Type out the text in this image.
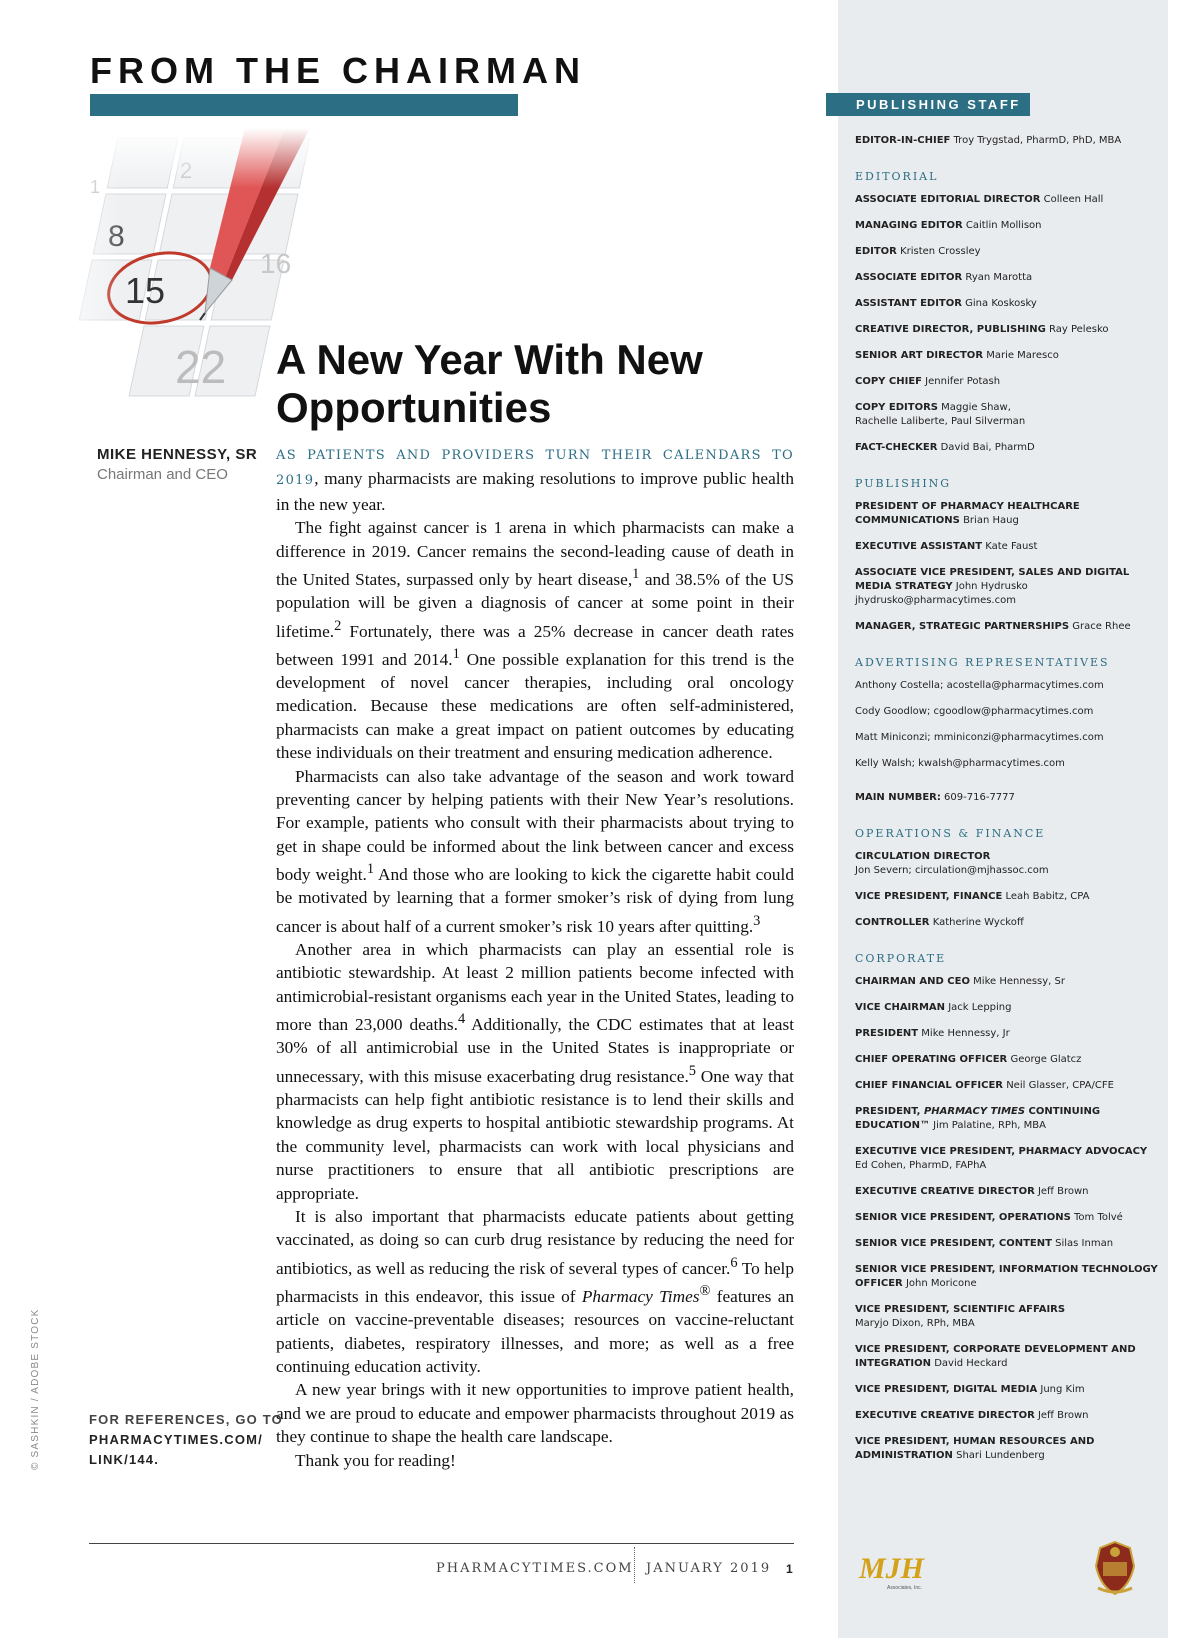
FROM THE CHAIRMAN
A New Year With New
Opportunities
MIKE HENNESSY, SR
Chairman and CEO

AS PATIENTS AND PROVIDERS TURN THEIR CALENDARS TO 2019, many pharmacists are making resolutions to improve public health in the new year.

The fight against cancer is 1 arena in which pharmacists can make a difference in 2019. Cancer remains the second-leading cause of death in the United States, surpassed only by heart disease,$^1$ and 38.5% of the US population will be given a diagnosis of cancer at some point in their lifetime.$^2$ Fortunately, there was a 25% decrease in cancer death rates between 1991 and 2014.$^1$ One possible explanation for this trend is the development of novel cancer therapies, including oral oncology medication. Because these medications are often self-administered, pharmacists can make a great impact on patient outcomes by educating these individuals on their treatment and ensuring medication adherence.

Pharmacists can also take advantage of the season and work toward preventing cancer by helping patients with their New Year’s resolutions. For example, patients who consult with their pharmacists about trying to get in shape could be informed about the link between cancer and excess body weight.$^1$ And those who are looking to kick the cigarette habit could be motivated by learning that a former smoker’s risk of dying from lung cancer is about half of a current smoker’s risk 10 years after quitting.$^3$

Another area in which pharmacists can play an essential role is antibiotic stewardship. At least 2 million patients become infected with antimicrobial-resistant organisms each year in the United States, leading to more than 23,000 deaths.$^4$ Additionally, the CDC estimates that at least 30% of all antimicrobial use in the United States is inappropriate or unnecessary, with this misuse exacerbating drug resistance.$^5$ One way that pharmacists can help fight antibiotic resistance is to lend their skills and knowledge as drug experts to hospital antibiotic stewardship programs. At the community level, pharmacists can work with local physicians and nurse practitioners to ensure that all antibiotic prescriptions are appropriate.

It is also important that pharmacists educate patients about getting vaccinated, as doing so can curb drug resistance by reducing the need for antibiotics, as well as reducing the risk of several types of cancer.$^6$ To help pharmacists in this endeavor, this issue of Pharmacy Times® features an article on vaccine-preventable diseases; resources on vaccine-reluctant patients, diabetes, respiratory illnesses, and more; as well as a free continuing education activity.

A new year brings with it new opportunities to improve patient health, and we are proud to educate and empower pharmacists throughout 2019 as they continue to shape the health care landscape.

Thank you for reading!

FOR REFERENCES, GO TO
PHARMACYTIMES.COM/
LINK/144.
© SASHKIN / ADOBE STOCK
PHARMACYTIMES.COM JANUARY 2019 1
PUBLISHING STAFF
EDITOR-IN-CHIEF Troy Trygstad, PharmD, PhD, MBA
EDITORIAL
ASSOCIATE EDITORIAL DIRECTOR Colleen Hall
MANAGING EDITOR Caitlin Mollison
EDITOR Kristen Crossley
ASSOCIATE EDITOR Ryan Marotta
ASSISTANT EDITOR Gina Koskosky
CREATIVE DIRECTOR, PUBLISHING Ray Pelesko
SENIOR ART DIRECTOR Marie Maresco
COPY CHIEF Jennifer Potash
COPY EDITORS Maggie Shaw,
Rachelle Laliberte, Paul Silverman
FACT-CHECKER David Bai, PharmD
PUBLISHING
PRESIDENT OF PHARMACY HEALTHCARE COMMUNICATIONS Brian Haug
EXECUTIVE ASSISTANT Kate Faust
ASSOCIATE VICE PRESIDENT, SALES AND DIGITAL MEDIA STRATEGY John Hydrusko
jhydrusko@pharmacytimes.com
MANAGER, STRATEGIC PARTNERSHIPS Grace Rhee
ADVERTISING REPRESENTATIVES
Anthony Costella; acostella@pharmacytimes.com
Cody Goodlow; cgoodlow@pharmacytimes.com
Matt Miniconzi; mminiconzi@pharmacytimes.com
Kelly Walsh; kwalsh@pharmacytimes.com
MAIN NUMBER: 609-716-7777
OPERATIONS & FINANCE
CIRCULATION DIRECTOR
Jon Severn; circulation@mjhassoc.com
VICE PRESIDENT, FINANCE Leah Babitz, CPA
CONTROLLER Katherine Wyckoff
CORPORATE
CHAIRMAN AND CEO Mike Hennessy, Sr
VICE CHAIRMAN Jack Lepping
PRESIDENT Mike Hennessy, Jr
CHIEF OPERATING OFFICER George Glatcz
CHIEF FINANCIAL OFFICER Neil Glasser, CPA/CFE
PRESIDENT, PHARMACY TIMES CONTINUING EDUCATION™ Jim Palatine, RPh, MBA
EXECUTIVE VICE PRESIDENT, PHARMACY ADVOCACY
Ed Cohen, PharmD, FAPhA
EXECUTIVE CREATIVE DIRECTOR Jeff Brown
SENIOR VICE PRESIDENT, OPERATIONS Tom Tolvé
SENIOR VICE PRESIDENT, CONTENT Silas Inman
SENIOR VICE PRESIDENT, INFORMATION TECHNOLOGY OFFICER John Moricone
VICE PRESIDENT, SCIENTIFIC AFFAIRS
Maryjo Dixon, RPh, MBA
VICE PRESIDENT, CORPORATE DEVELOPMENT AND INTEGRATION David Heckard
VICE PRESIDENT, DIGITAL MEDIA Jung Kim
EXECUTIVE CREATIVE DIRECTOR Jeff Brown
VICE PRESIDENT, HUMAN RESOURCES AND ADMINISTRATION Shari Lundenberg
MJH
Associates, Inc.
